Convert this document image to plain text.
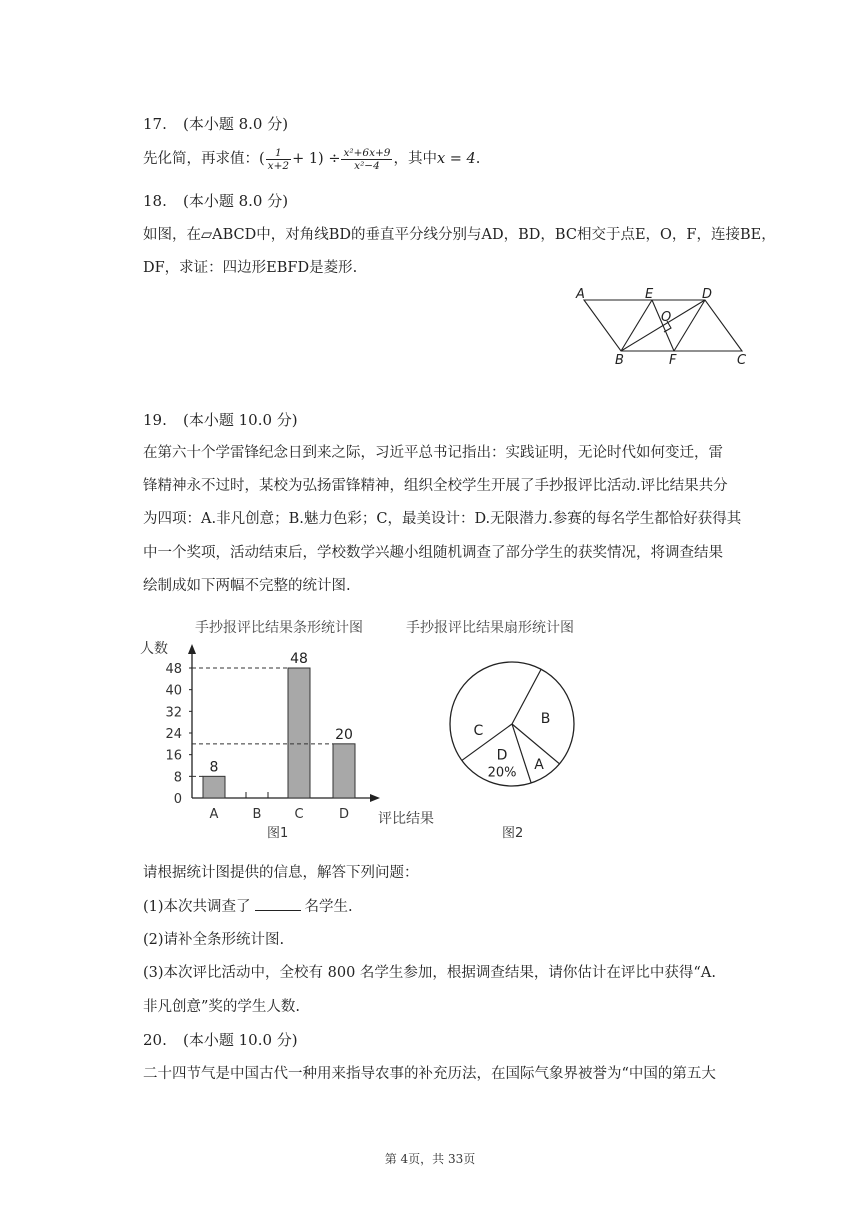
17. (本小题 8.0 分)
先化简，再求值：( $\frac{1}{x+2} + 1) \div \frac{\text{x²+6x+9}}{\text{x²−4}}$ ，其中x = 4.
18. (本小题 8.0 分)
如图，在▱ABCD中，对角线BD的垂直平分线分别与AD，BD，BC相交于点E，O，F，连接BE，
DF，求证：四边形EBFD是菱形.
A	E	D
O
B	F	C
19. (本小题 10.0 分)
在第六十个学雷锋纪念日到来之际，习近平总书记指出：实践证明，无论时代如何变迁，雷
锋精神永不过时，某校为弘扬雷锋精神，组织全校学生开展了手抄报评比活动.评比结果共分
为四项：A.非凡创意；B.魅力色彩；C，最美设计：D.无限潜力.参赛的每名学生都恰好获得其
中一个奖项，活动结束后，学校数学兴趣小组随机调查了部分学生的获奖情况，将调查结果
绘制成如下两幅不完整的统计图.
手抄报评比结果条形统计图
人数
0
8
16
24
32
40
48
A	B	C	D
8
48
20
评比结果
图1
手抄报评比结果扇形统计图
C
B
A
D
20%
图2
请根据统计图提供的信息，解答下列问题：
(1)本次共调查了	名学生.
(2)请补全条形统计图.
(3)本次评比活动中，全校有 800 名学生参加，根据调查结果，请你估计在评比中获得“A.
非凡创意”奖的学生人数.
20. (本小题 10.0 分)
二十四节气是中国古代一种用来指导农事的补充历法，在国际气象界被誉为“中国的第五大
第 4页，共 33页
